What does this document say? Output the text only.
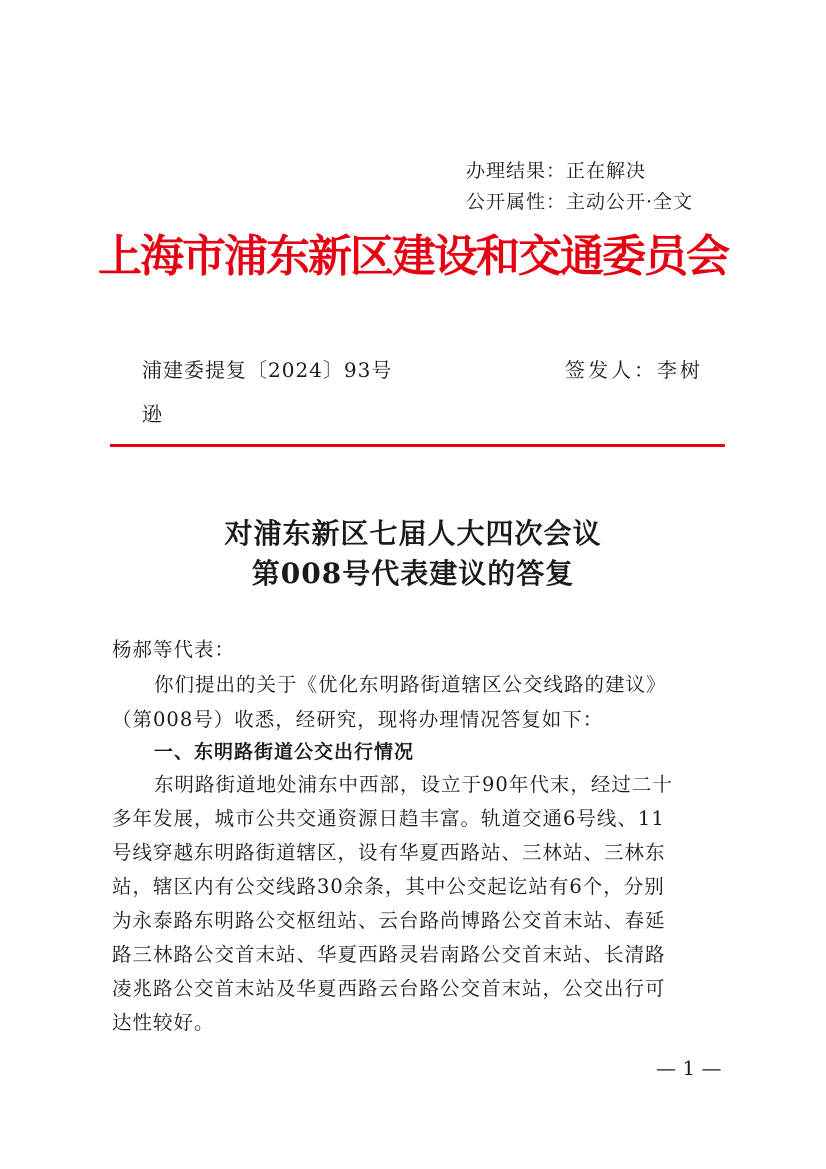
办理结果：正在解决
公开属性：主动公开·全文
上海市浦东新区建设和交通委员会
浦建委提复〔2024〕93号	签发人：李树
逊
对浦东新区七届人大四次会议
第008号代表建议的答复
杨郝等代表：
你们提出的关于《优化东明路街道辖区公交线路的建议》
（第008号）收悉，经研究，现将办理情况答复如下：
一、东明路街道公交出行情况
东明路街道地处浦东中西部，设立于90年代末，经过二十
多年发展，城市公共交通资源日趋丰富。轨道交通6号线、11
号线穿越东明路街道辖区，设有华夏西路站、三林站、三林东
站，辖区内有公交线路30余条，其中公交起讫站有6个，分别
为永泰路东明路公交枢纽站、云台路尚博路公交首末站、春延
路三林路公交首末站、华夏西路灵岩南路公交首末站、长清路
凌兆路公交首末站及华夏西路云台路公交首末站，公交出行可
达性较好。
— 1 —
